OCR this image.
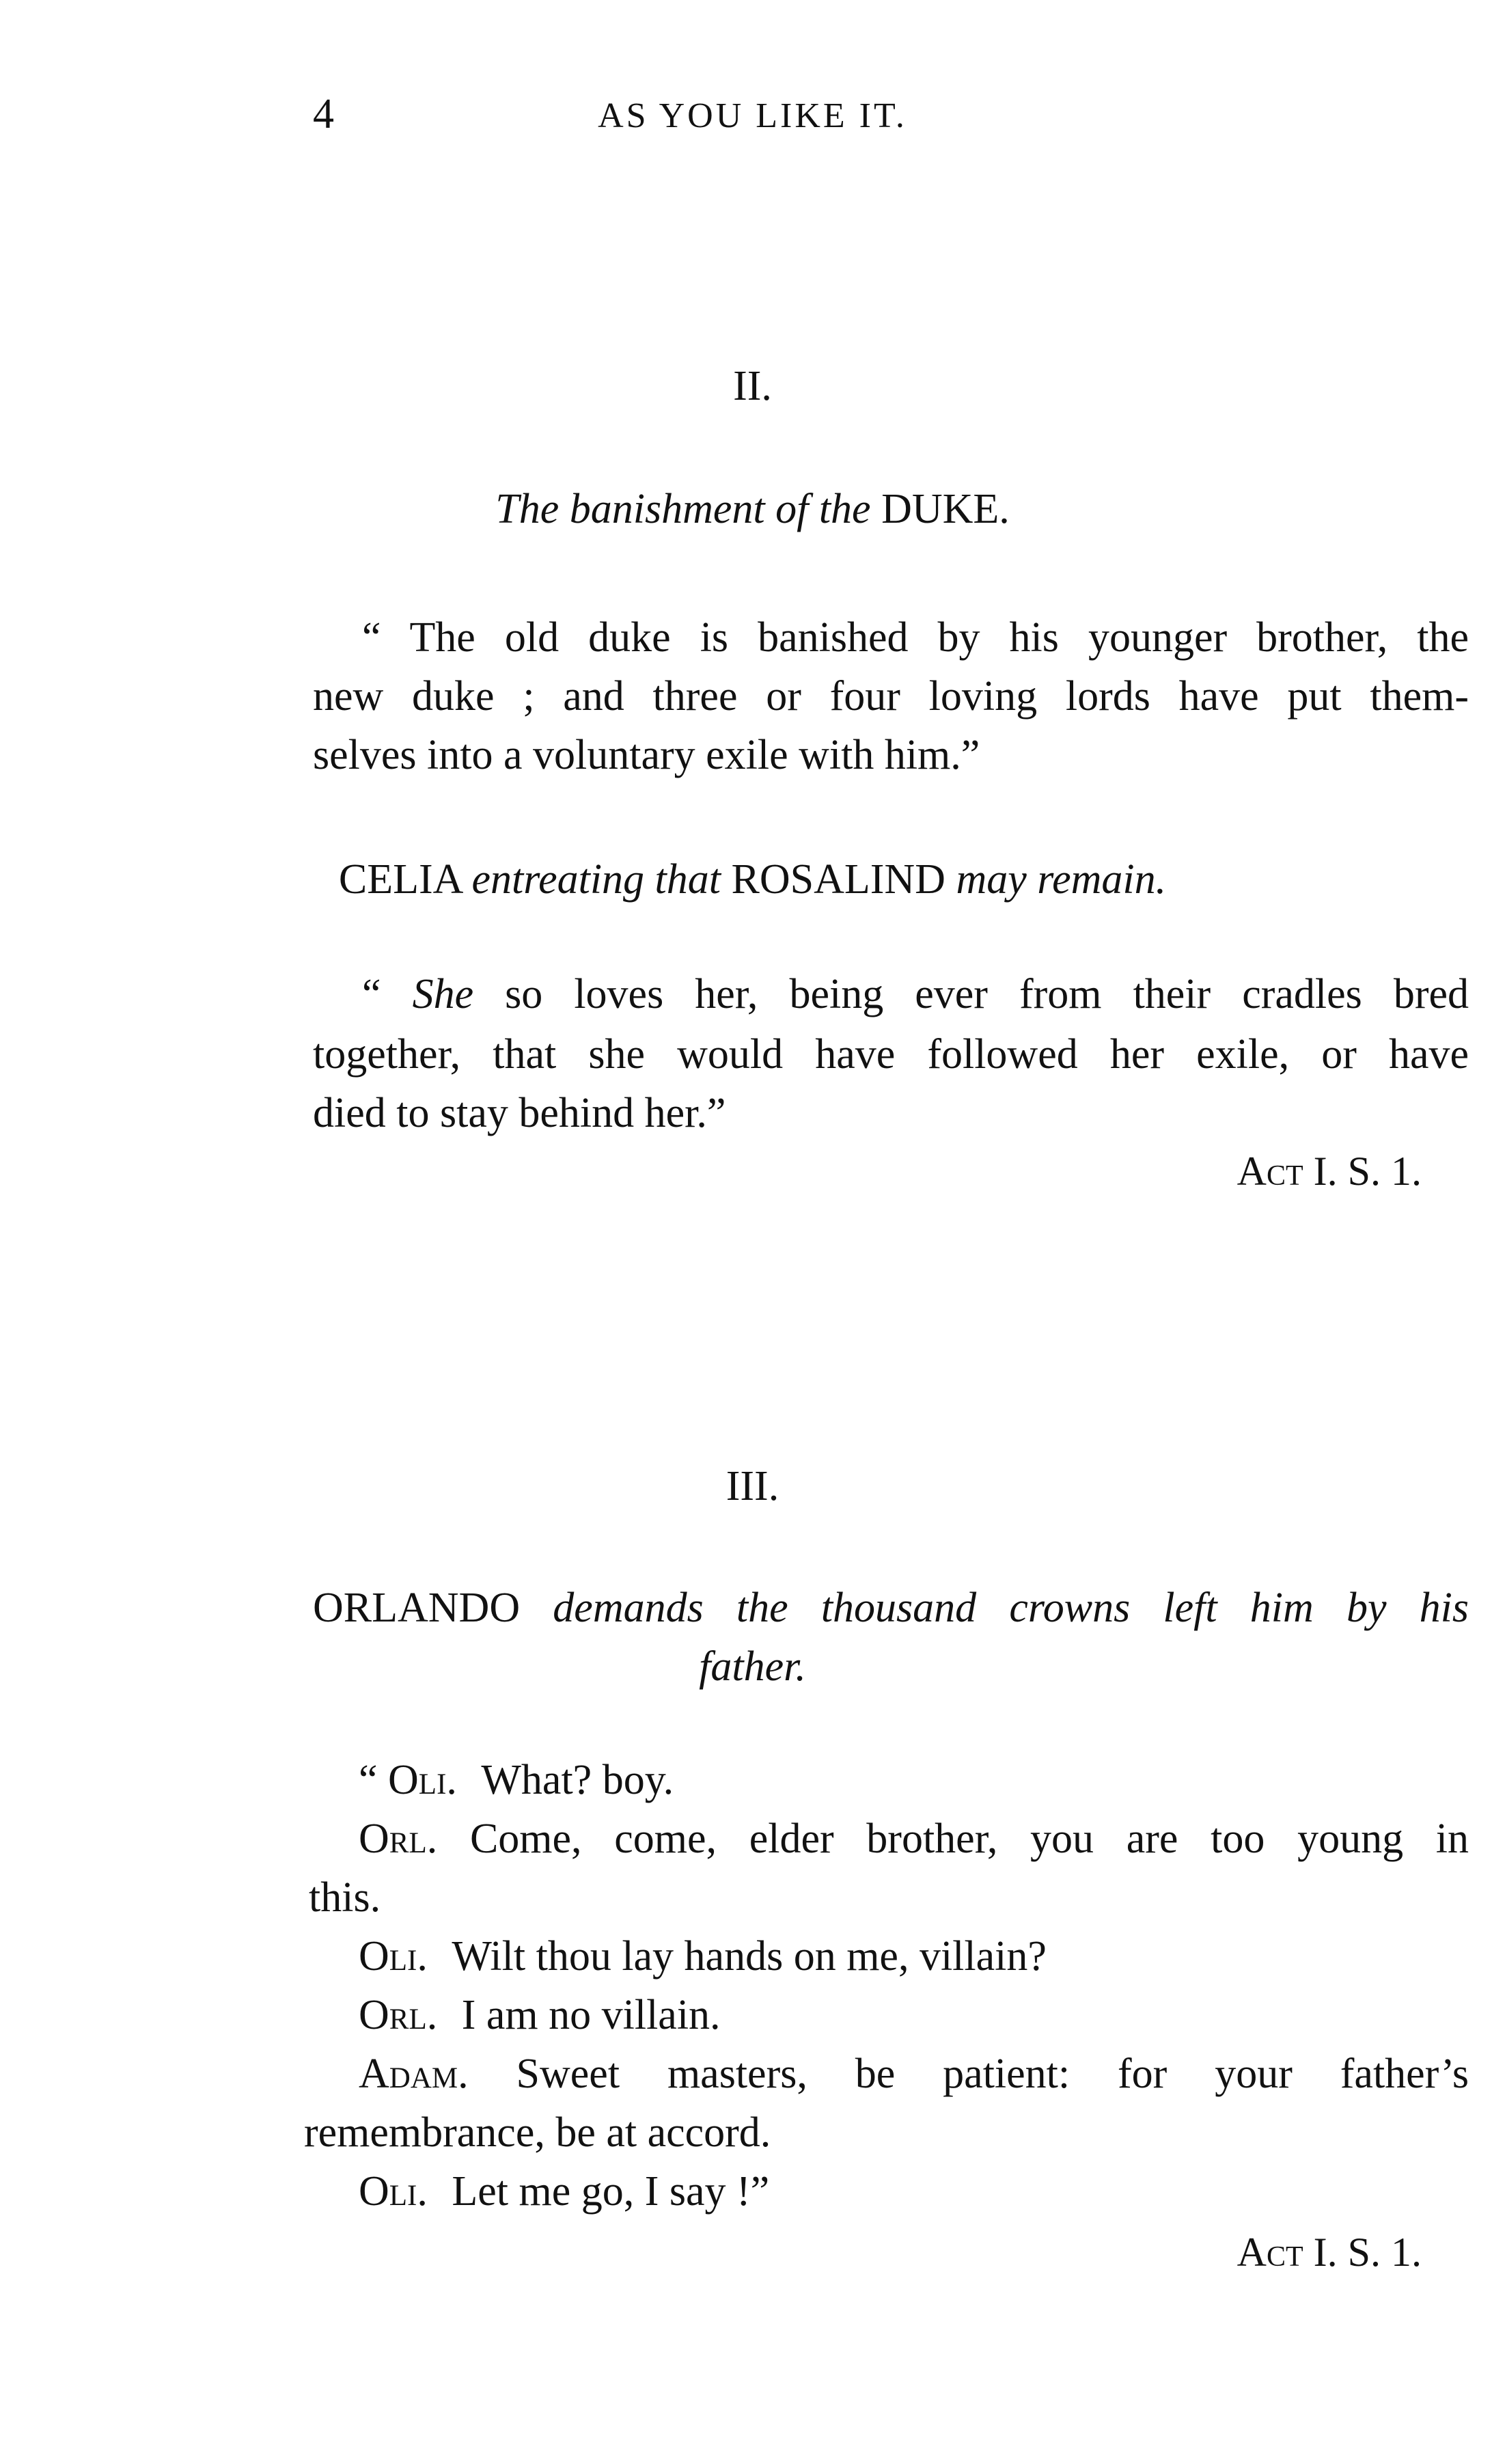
4	AS YOU LIKE IT.
II.
The banishment of the DUKE.
“ The old duke is banished by his younger brother, the
new duke ; and three or four loving lords have put them-
selves into a voluntary exile with him.”
CELIA entreating that ROSALIND may remain.
“ She so loves her, being ever from their cradles bred
together, that she would have followed her exile, or have
died to stay behind her.”
Act I. S. 1.
III.
ORLANDO demands the thousand crowns left him by his
father.
“ Oli. What? boy.
Orl. Come, come, elder brother, you are too young in
this.
Oli. Wilt thou lay hands on me, villain?
Orl. I am no villain.
Adam. Sweet masters, be patient: for your father’s
remembrance, be at accord.
Oli. Let me go, I say !”
Act I. S. 1.
